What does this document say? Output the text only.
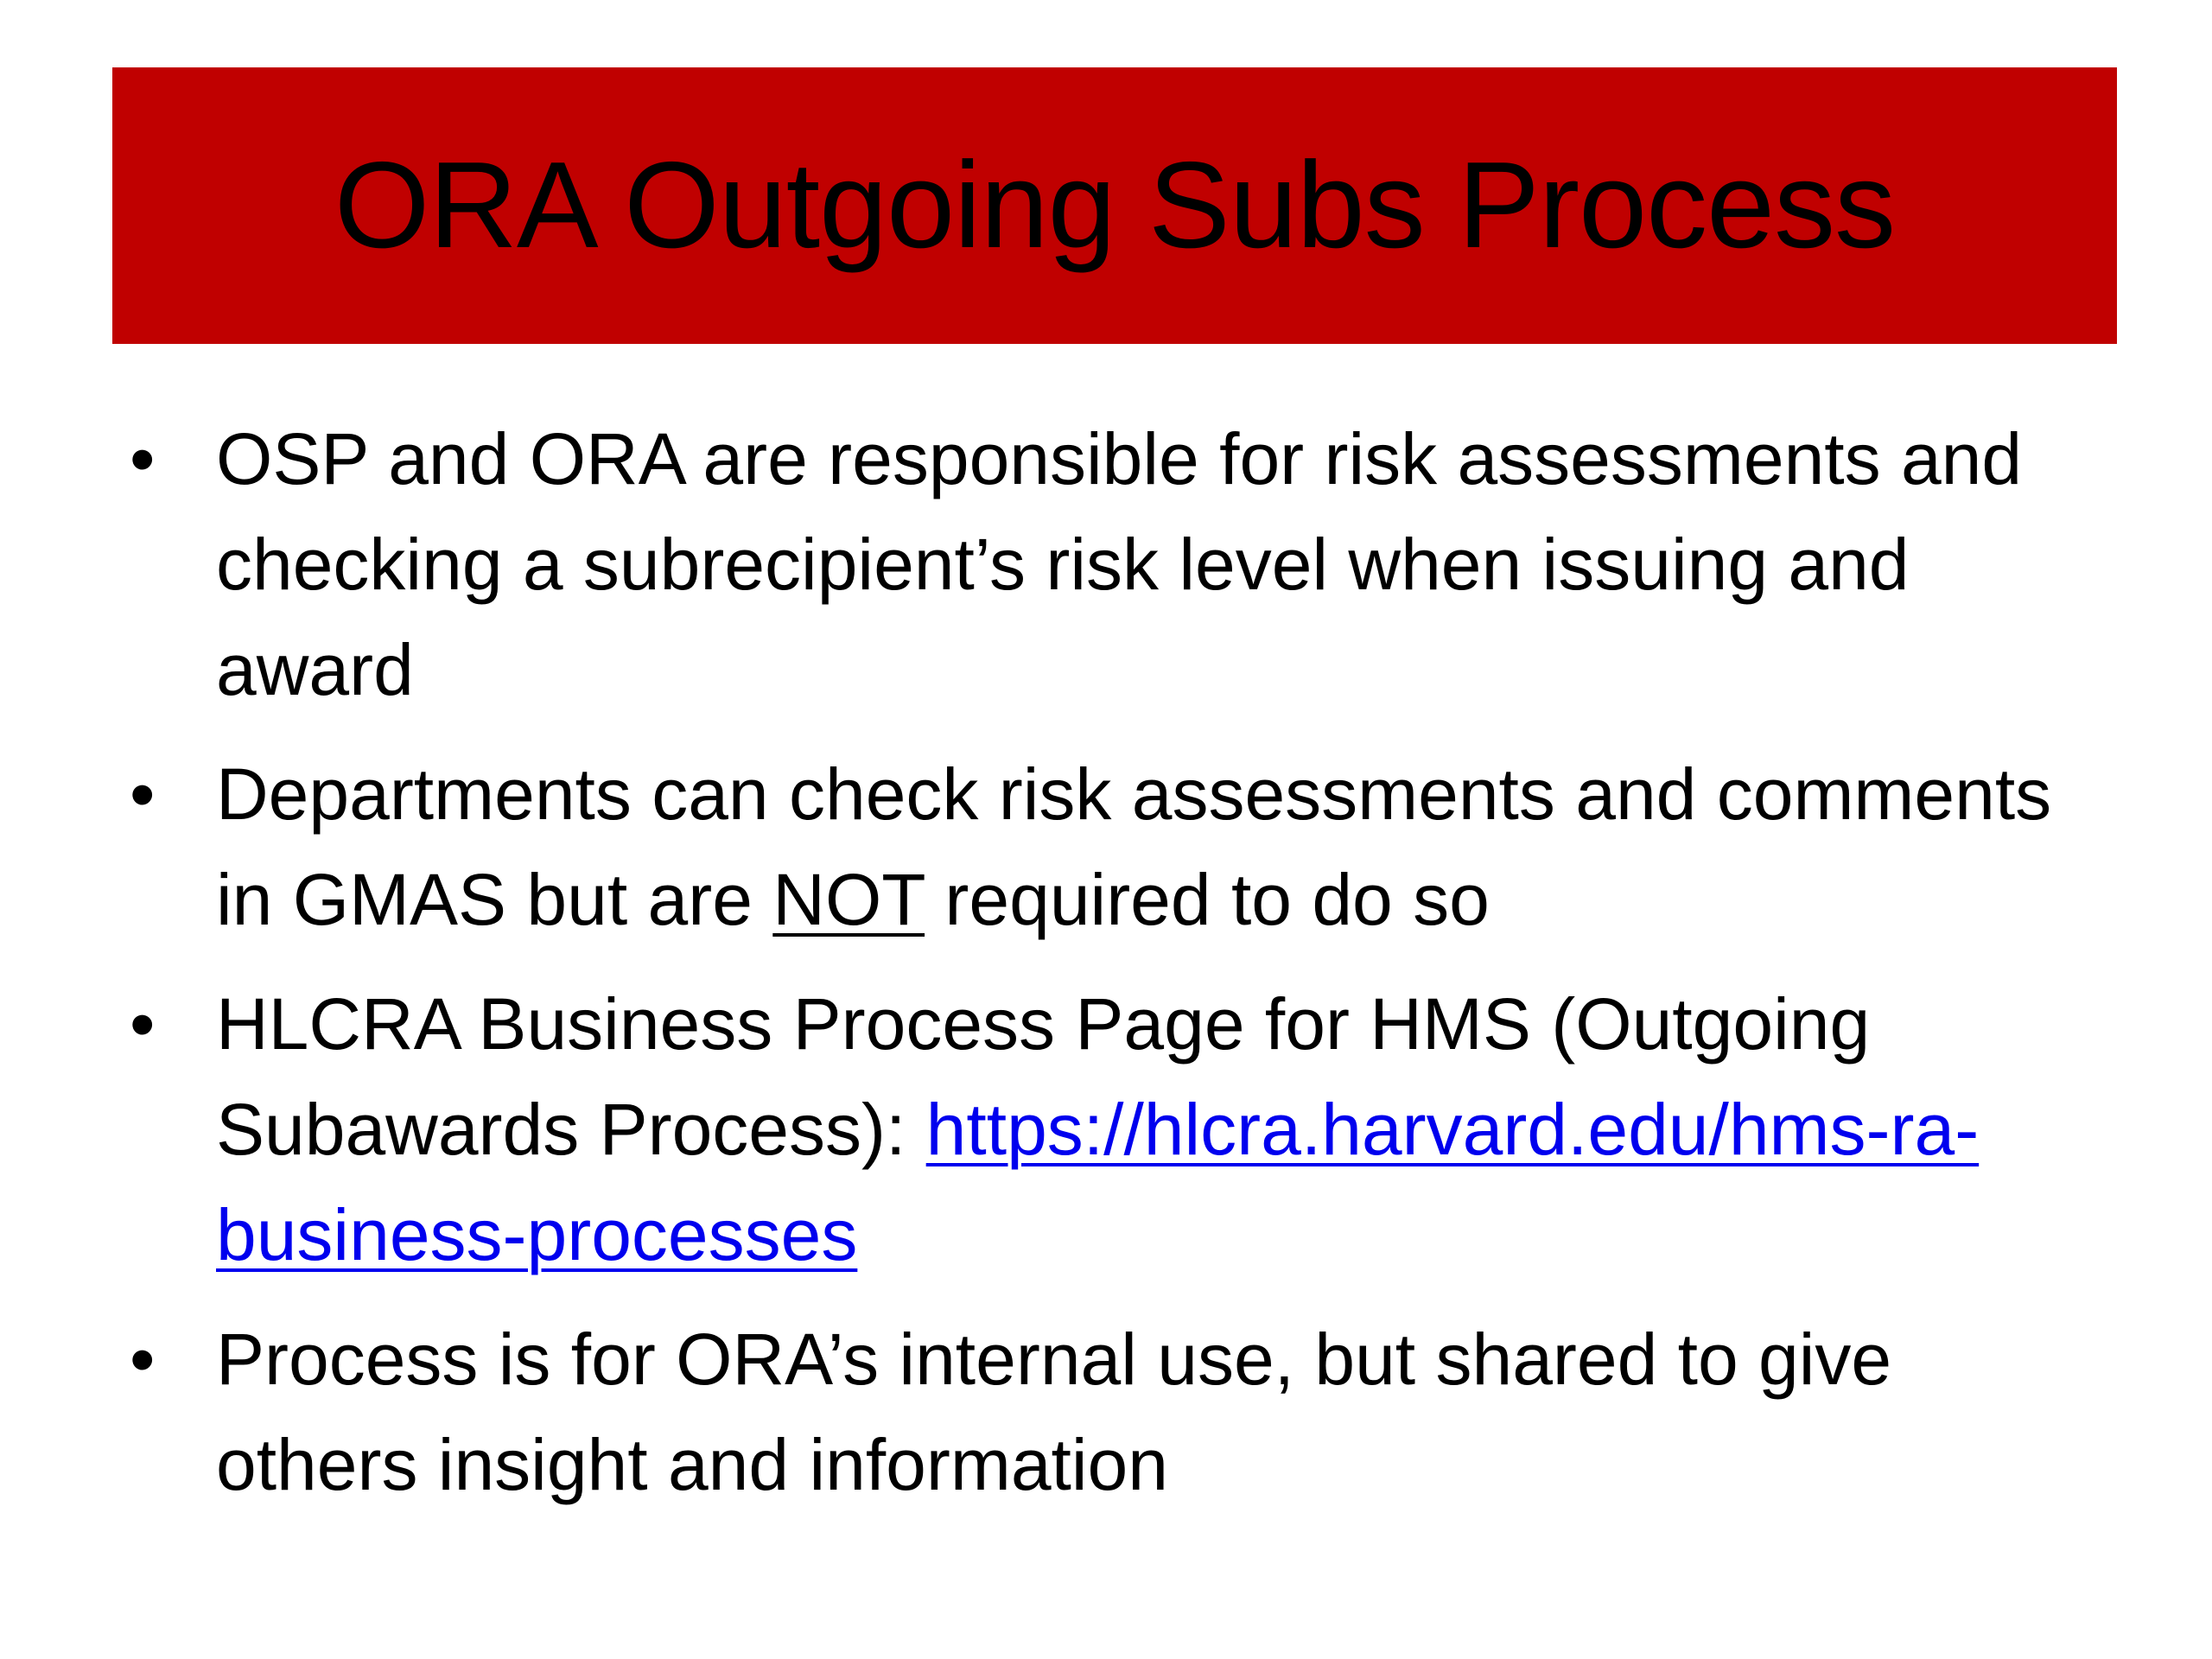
ORA Outgoing Subs Process
• OSP and ORA are responsible for risk assessments and checking a subrecipient’s risk level when issuing and award
• Departments can check risk assessments and comments in GMAS but are NOT required to do so
• HLCRA Business Process Page for HMS (Outgoing Subawards Process): https://hlcra.harvard.edu/hms-ra-business-processes
• Process is for ORA’s internal use, but shared to give others insight and information
